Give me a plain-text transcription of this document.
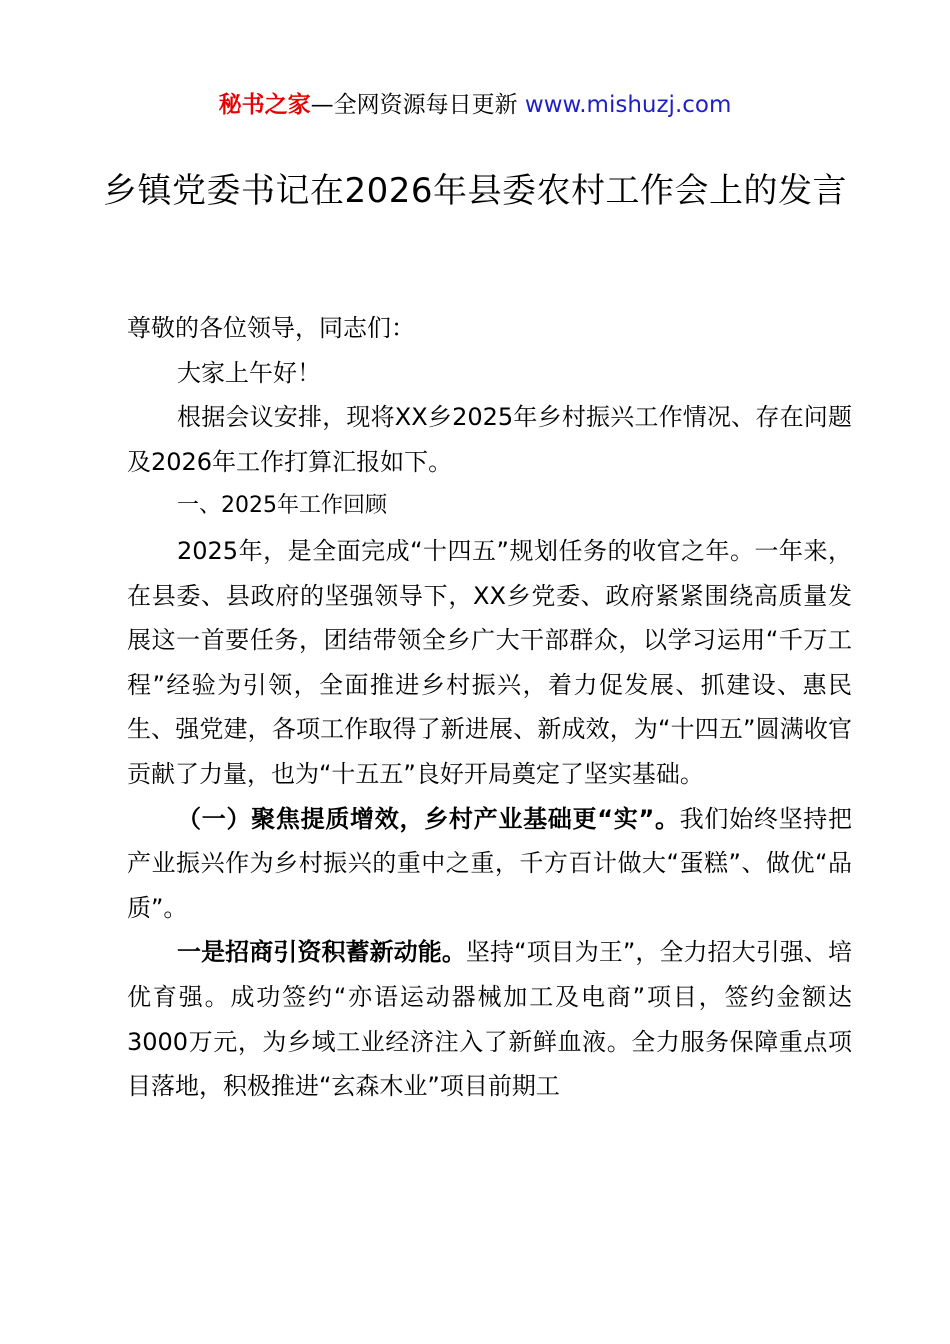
秘书之家—全网资源每日更新 www.mishuzj.com
乡镇党委书记在2026年县委农村工作会上的发言

尊敬的各位领导，同志们：

大家上午好！

根据会议安排，现将XX乡2025年乡村振兴工作情况、存在问题及2026年工作打算汇报如下。

一、2025年工作回顾

2025年，是全面完成“十四五”规划任务的收官之年。一年来，在县委、县政府的坚强领导下，XX乡党委、政府紧紧围绕高质量发展这一首要任务，团结带领全乡广大干部群众，以学习运用“千万工程”经验为引领，全面推进乡村振兴，着力促发展、抓建设、惠民生、强党建，各项工作取得了新进展、新成效，为“十四五”圆满收官贡献了力量，也为“十五五”良好开局奠定了坚实基础。

（一）聚焦提质增效，乡村产业基础更“实”。我们始终坚持把产业振兴作为乡村振兴的重中之重，千方百计做大“蛋糕”、做优“品质”。

一是招商引资积蓄新动能。坚持“项目为王”，全力招大引强、培优育强。成功签约“亦语运动器械加工及电商”项目，签约金额达3000万元，为乡域工业经济注入了新鲜血液。全力服务保障重点项目落地，积极推进“玄森木业”项目前期工
